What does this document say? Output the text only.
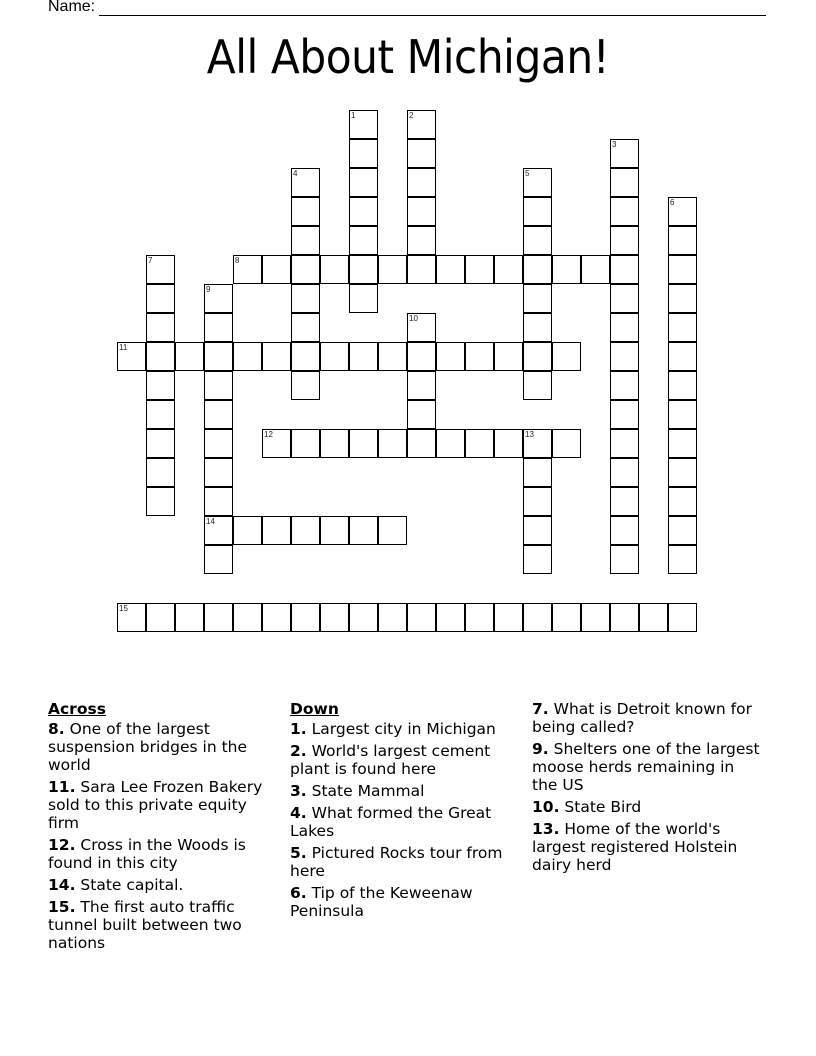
Name:
All About Michigan!
1	2
3
4	5
6
7	8
9
14
10
11
12	13
15
Across
8. One of the largest suspension bridges in the world
11. Sara Lee Frozen Bakery sold to this private equity firm
12. Cross in the Woods is found in this city
14. State capital.
15. The first auto traffic tunnel built between two nations
Down
1. Largest city in Michigan
2. World's largest cement plant is found here
3. State Mammal
4. What formed the Great Lakes
5. Pictured Rocks tour from here
6. Tip of the Keweenaw Peninsula
7. What is Detroit known for being called?
9. Shelters one of the largest moose herds remaining in the US
10. State Bird
13. Home of the world's largest registered Holstein dairy herd
